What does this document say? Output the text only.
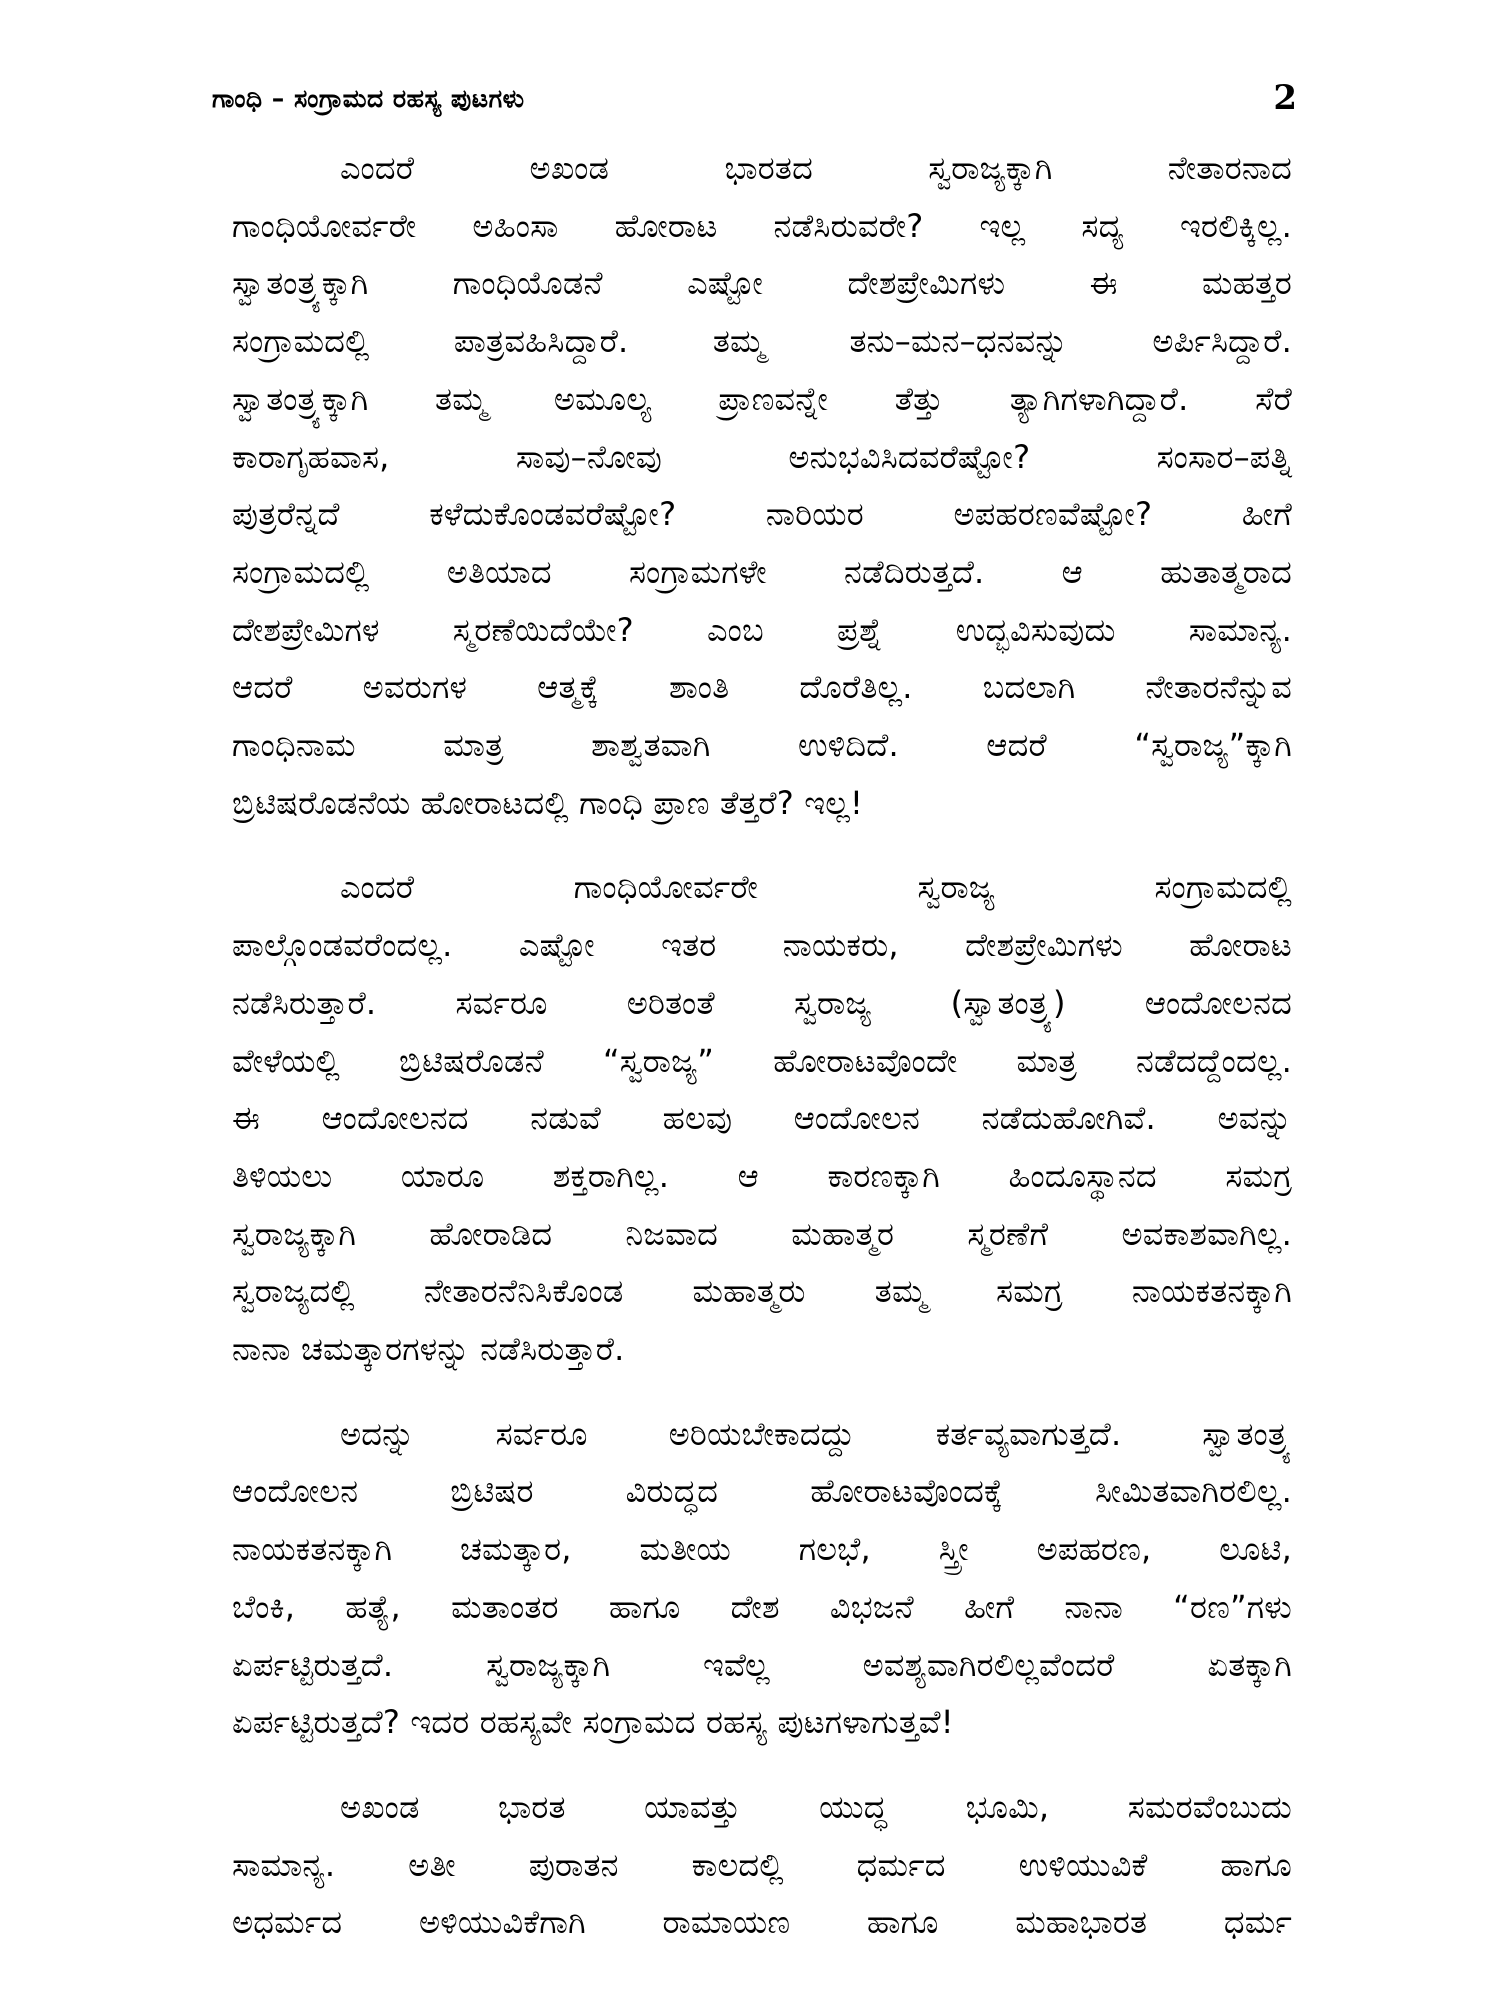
ಗಾಂಧಿ – ಸಂಗ್ರಾಮದ ರಹಸ್ಯ ಪುಟಗಳು	2
ಎಂದರೆ ಅಖಂಡ ಭಾರತದ ಸ್ವರಾಜ್ಯಕ್ಕಾಗಿ ನೇತಾರನಾದ
ಗಾಂಧಿಯೋರ್ವರೇ ಅಹಿಂಸಾ ಹೋರಾಟ ನಡೆಸಿರುವರೇ? ಇಲ್ಲ ಸದ್ಯ ಇರಲಿಕ್ಕಿಲ್ಲ.
ಸ್ವಾತಂತ್ರ್ಯಕ್ಕಾಗಿ ಗಾಂಧಿಯೊಡನೆ ಎಷ್ಟೋ ದೇಶಪ್ರೇಮಿಗಳು ಈ ಮಹತ್ತರ
ಸಂಗ್ರಾಮದಲ್ಲಿ ಪಾತ್ರವಹಿಸಿದ್ದಾರೆ. ತಮ್ಮ ತನು–ಮನ–ಧನವನ್ನು ಅರ್ಪಿಸಿದ್ದಾರೆ.
ಸ್ವಾತಂತ್ರ್ಯಕ್ಕಾಗಿ ತಮ್ಮ ಅಮೂಲ್ಯ ಪ್ರಾಣವನ್ನೇ ತೆತ್ತು ತ್ಯಾಗಿಗಳಾಗಿದ್ದಾರೆ. ಸೆರೆ
ಕಾರಾಗೃಹವಾಸ, ಸಾವು–ನೋವು ಅನುಭವಿಸಿದವರೆಷ್ಟೋ? ಸಂಸಾರ–ಪತ್ನಿ
ಪುತ್ರರೆನ್ನದೆ ಕಳೆದುಕೊಂಡವರೆಷ್ಟೋ? ನಾರಿಯರ ಅಪಹರಣವೆಷ್ಟೋ? ಹೀಗೆ
ಸಂಗ್ರಾಮದಲ್ಲಿ ಅತಿಯಾದ ಸಂಗ್ರಾಮಗಳೇ ನಡೆದಿರುತ್ತದೆ. ಆ ಹುತಾತ್ಮರಾದ
ದೇಶಪ್ರೇಮಿಗಳ ಸ್ಮರಣೆಯಿದೆಯೇ? ಎಂಬ ಪ್ರಶ್ನೆ ಉದ್ಭವಿಸುವುದು ಸಾಮಾನ್ಯ.
ಆದರೆ ಅವರುಗಳ ಆತ್ಮಕ್ಕೆ ಶಾಂತಿ ದೊರೆತಿಲ್ಲ. ಬದಲಾಗಿ ನೇತಾರನೆನ್ನುವ
ಗಾಂಧಿನಾಮ ಮಾತ್ರ ಶಾಶ್ವತವಾಗಿ ಉಳಿದಿದೆ. ಆದರೆ “ಸ್ವರಾಜ್ಯ”ಕ್ಕಾಗಿ
ಬ್ರಿಟಿಷರೊಡನೆಯ ಹೋರಾಟದಲ್ಲಿ ಗಾಂಧಿ ಪ್ರಾಣ ತೆತ್ತರೆ? ಇಲ್ಲ!
ಎಂದರೆ ಗಾಂಧಿಯೋರ್ವರೇ ಸ್ವರಾಜ್ಯ ಸಂಗ್ರಾಮದಲ್ಲಿ
ಪಾಲ್ಗೊಂಡವರೆಂದಲ್ಲ. ಎಷ್ಟೋ ಇತರ ನಾಯಕರು, ದೇಶಪ್ರೇಮಿಗಳು ಹೋರಾಟ
ನಡೆಸಿರುತ್ತಾರೆ. ಸರ್ವರೂ ಅರಿತಂತೆ ಸ್ವರಾಜ್ಯ (ಸ್ವಾತಂತ್ರ್ಯ) ಆಂದೋಲನದ
ವೇಳೆಯಲ್ಲಿ ಬ್ರಿಟಿಷರೊಡನೆ “ಸ್ವರಾಜ್ಯ” ಹೋರಾಟವೊಂದೇ ಮಾತ್ರ ನಡೆದದ್ದೆಂದಲ್ಲ.
ಈ ಆಂದೋಲನದ ನಡುವೆ ಹಲವು ಆಂದೋಲನ ನಡೆದುಹೋಗಿವೆ. ಅವನ್ನು
ತಿಳಿಯಲು ಯಾರೂ ಶಕ್ತರಾಗಿಲ್ಲ. ಆ ಕಾರಣಕ್ಕಾಗಿ ಹಿಂದೂಸ್ಥಾನದ ಸಮಗ್ರ
ಸ್ವರಾಜ್ಯಕ್ಕಾಗಿ ಹೋರಾಡಿದ ನಿಜವಾದ ಮಹಾತ್ಮರ ಸ್ಮರಣೆಗೆ ಅವಕಾಶವಾಗಿಲ್ಲ.
ಸ್ವರಾಜ್ಯದಲ್ಲಿ ನೇತಾರನೆನಿಸಿಕೊಂಡ ಮಹಾತ್ಮರು ತಮ್ಮ ಸಮಗ್ರ ನಾಯಕತನಕ್ಕಾಗಿ
ನಾನಾ ಚಮತ್ಕಾರಗಳನ್ನು ನಡೆಸಿರುತ್ತಾರೆ.
ಅದನ್ನು ಸರ್ವರೂ ಅರಿಯಬೇಕಾದದ್ದು ಕರ್ತವ್ಯವಾಗುತ್ತದೆ. ಸ್ವಾತಂತ್ರ್ಯ
ಆಂದೋಲನ ಬ್ರಿಟಿಷರ ವಿರುದ್ಧದ ಹೋರಾಟವೊಂದಕ್ಕೆ ಸೀಮಿತವಾಗಿರಲಿಲ್ಲ.
ನಾಯಕತನಕ್ಕಾಗಿ ಚಮತ್ಕಾರ, ಮತೀಯ ಗಲಭೆ, ಸ್ತ್ರೀ ಅಪಹರಣ, ಲೂಟಿ,
ಬೆಂಕಿ, ಹತ್ಯೆ, ಮತಾಂತರ ಹಾಗೂ ದೇಶ ವಿಭಜನೆ ಹೀಗೆ ನಾನಾ “ರಣ”ಗಳು
ಏರ್ಪಟ್ಟಿರುತ್ತದೆ. ಸ್ವರಾಜ್ಯಕ್ಕಾಗಿ ಇವೆಲ್ಲ ಅವಶ್ಯವಾಗಿರಲಿಲ್ಲವೆಂದರೆ ಏತಕ್ಕಾಗಿ
ಏರ್ಪಟ್ಟಿರುತ್ತದೆ? ಇದರ ರಹಸ್ಯವೇ ಸಂಗ್ರಾಮದ ರಹಸ್ಯ ಪುಟಗಳಾಗುತ್ತವೆ!
ಅಖಂಡ ಭಾರತ ಯಾವತ್ತು ಯುದ್ಧ ಭೂಮಿ, ಸಮರವೆಂಬುದು
ಸಾಮಾನ್ಯ. ಅತೀ ಪುರಾತನ ಕಾಲದಲ್ಲಿ ಧರ್ಮದ ಉಳಿಯುವಿಕೆ ಹಾಗೂ
ಅಧರ್ಮದ ಅಳಿಯುವಿಕೆಗಾಗಿ ರಾಮಾಯಣ ಹಾಗೂ ಮಹಾಭಾರತ ಧರ್ಮ
